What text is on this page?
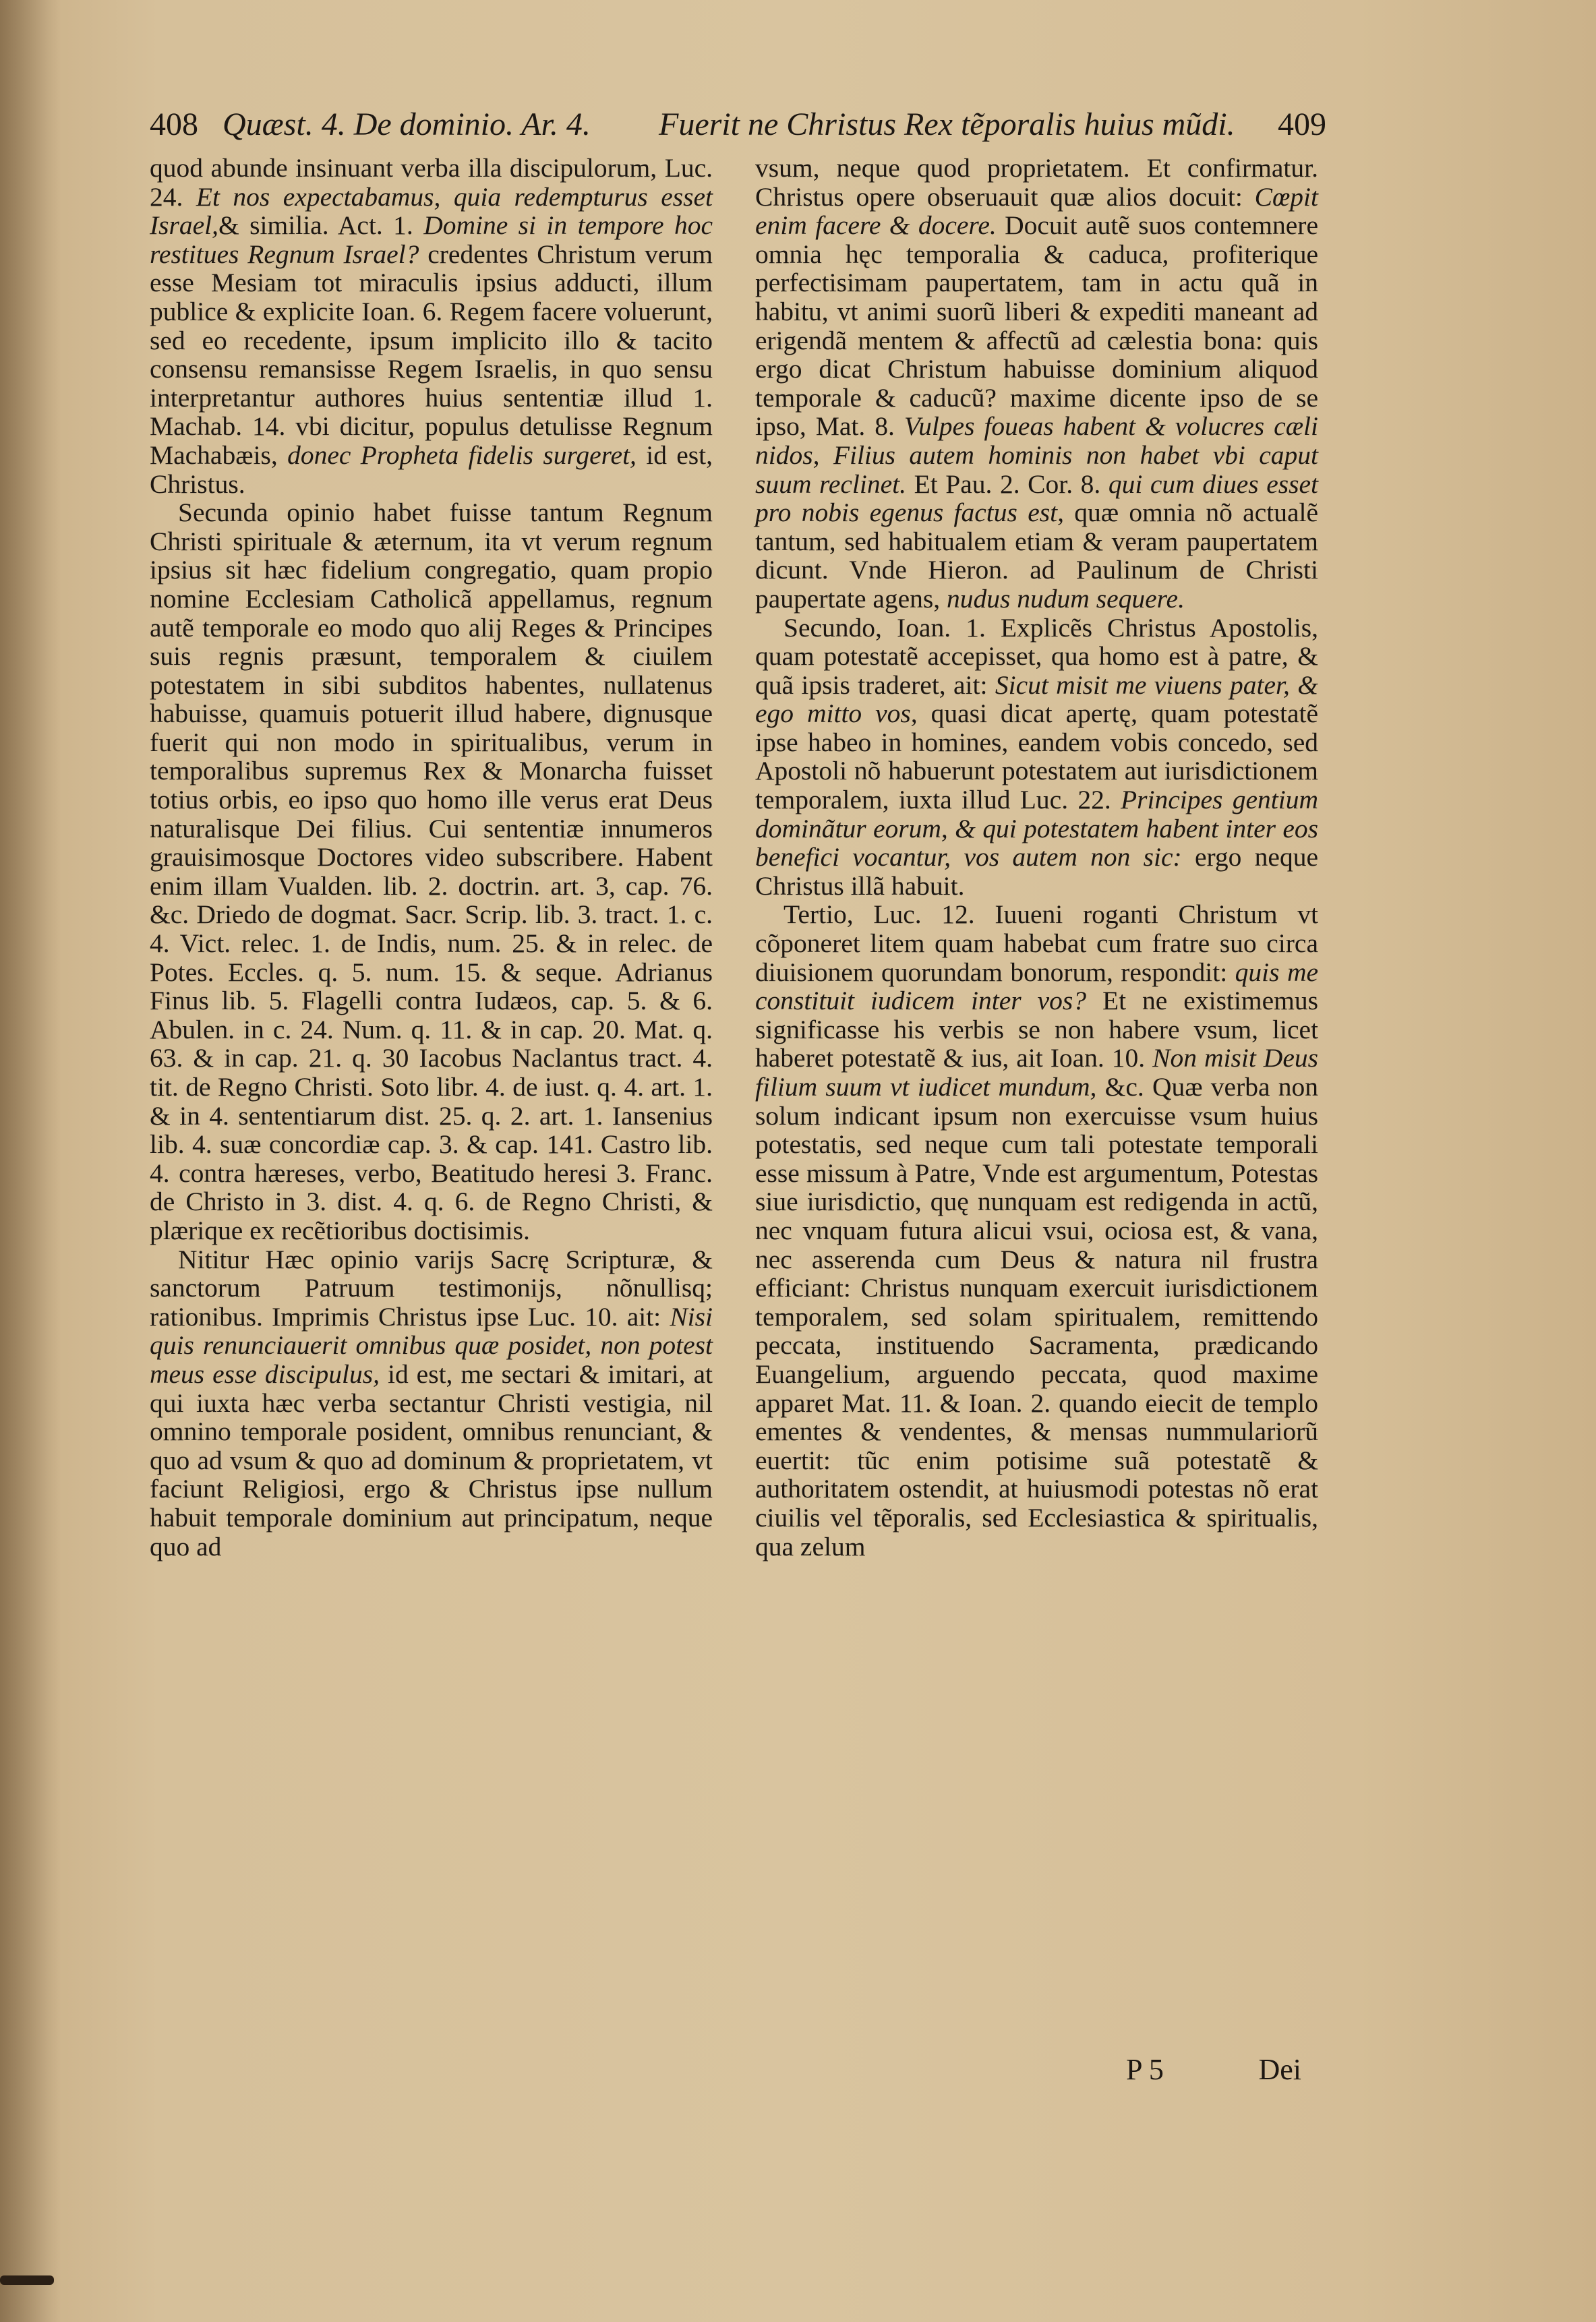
408 Quæst. 4. De dominio. Ar. 4. Fuerit ne Christus Rex tẽporalis huius mũdi. 409

quod abunde insinuant verba illa discipulorum, Luc. 24. Et nos expectabamus, quia redempturus esset Israel,& similia. Act. 1. Domine si in tempore hoc restitues Regnum Israel? credentes Christum verum esse Mesiam tot miraculis ipsius adducti, illum publice & explicite Ioan. 6. Regem facere voluerunt, sed eo recedente, ipsum implicito illo & tacito consensu remansisse Regem Israelis, in quo sensu interpretantur authores huius sententiæ illud 1. Machab. 14. vbi dicitur, populus detulisse Regnum Machabæis, donec Propheta fidelis surgeret, id est, Christus.

Secunda opinio habet fuisse tantum Regnum Christi spirituale & æternum, ita vt verum regnum ipsius sit hæc fidelium congregatio, quam propio nomine Ecclesiam Catholicã appellamus, regnum autẽ temporale eo modo quo alij Reges & Principes suis regnis præsunt, temporalem & ciuilem potestatem in sibi subditos habentes, nullatenus habuisse, quamuis potuerit illud habere, dignusque fuerit qui non modo in spiritualibus, verum in temporalibus supremus Rex & Monarcha fuisset totius orbis, eo ipso quo homo ille verus erat Deus naturalisque Dei filius. Cui sententiæ innumeros grauisimosque Doctores video subscribere. Habent enim illam Vualden. lib. 2. doctrin. art. 3, cap. 76. &c. Driedo de dogmat. Sacr. Scrip. lib. 3. tract. 1. c. 4. Vict. relec. 1. de Indis, num. 25. & in relec. de Potes. Eccles. q. 5. num. 15. & seque. Adrianus Finus lib. 5. Flagelli contra Iudæos, cap. 5. & 6. Abulen. in c. 24. Num. q. 11. & in cap. 20. Mat. q. 63. & in cap. 21. q. 30 Iacobus Naclantus tract. 4. tit. de Regno Christi. Soto libr. 4. de iust. q. 4. art. 1. & in 4. sententiarum dist. 25. q. 2. art. 1. Iansenius lib. 4. suæ concordiæ cap. 3. & cap. 141. Castro lib. 4. contra hæreses, verbo, Beatitudo heresi 3. Franc. de Christo in 3. dist. 4. q. 6. de Regno Christi, & plærique ex recẽtioribus doctisimis.

Nititur Hæc opinio varijs Sacrę Scripturæ, & sanctorum Patruum testimonijs, nõnullisq; rationibus. Imprimis Christus ipse Luc. 10. ait: Nisi quis renunciauerit omnibus quæ posidet, non potest meus esse discipulus, id est, me sectari & imitari, at qui iuxta hæc verba sectantur Christi vestigia, nil omnino temporale posident, omnibus renunciant, & quo ad vsum & quo ad dominum & proprietatem, vt faciunt Religiosi, ergo & Christus ipse nullum habuit temporale dominium aut principatum, neque quo ad

vsum, neque quod proprietatem. Et confirmatur. Christus opere obseruauit quæ alios docuit: Cœpit enim facere & docere. Docuit autẽ suos contemnere omnia hęc temporalia & caduca, profiterique perfectisimam paupertatem, tam in actu quã in habitu, vt animi suorũ liberi & expediti maneant ad erigendã mentem & affectũ ad cælestia bona: quis ergo dicat Christum habuisse dominium aliquod temporale & caducũ? maxime dicente ipso de se ipso, Mat. 8. Vulpes foueas habent & volucres cæli nidos, Filius autem hominis non habet vbi caput suum reclinet. Et Pau. 2. Cor. 8. qui cum diues esset pro nobis egenus factus est, quæ omnia nõ actualẽ tantum, sed habitualem etiam & veram paupertatem dicunt. Vnde Hieron. ad Paulinum de Christi paupertate agens, nudus nudum sequere.

Secundo, Ioan. 1. Explicẽs Christus Apostolis, quam potestatẽ accepisset, qua homo est à patre, & quã ipsis traderet, ait: Sicut misit me viuens pater, & ego mitto vos, quasi dicat apertę, quam potestatẽ ipse habeo in homines, eandem vobis concedo, sed Apostoli nõ habuerunt potestatem aut iurisdictionem temporalem, iuxta illud Luc. 22. Principes gentium dominãtur eorum, & qui potestatem habent inter eos benefici vocantur, vos autem non sic: ergo neque Christus illã habuit.

Tertio, Luc. 12. Iuueni roganti Christum vt cõponeret litem quam habebat cum fratre suo circa diuisionem quorundam bonorum, respondit: quis me constituit iudicem inter vos? Et ne existimemus significasse his verbis se non habere vsum, licet haberet potestatẽ & ius, ait Ioan. 10. Non misit Deus filium suum vt iudicet mundum, &c. Quæ verba non solum indicant ipsum non exercuisse vsum huius potestatis, sed neque cum tali potestate temporali esse missum à Patre, Vnde est argumentum, Potestas siue iurisdictio, quę nunquam est redigenda in actũ, nec vnquam futura alicui vsui, ociosa est, & vana, nec asserenda cum Deus & natura nil frustra efficiant: Christus nunquam exercuit iurisdictionem temporalem, sed solam spiritualem, remittendo peccata, instituendo Sacramenta, prædicando Euangelium, arguendo peccata, quod maxime apparet Mat. 11. & Ioan. 2. quando eiecit de templo ementes & vendentes, & mensas nummulariorũ euertit: tũc enim potisime suã potestatẽ & authoritatem ostendit, at huiusmodi potestas nõ erat ciuilis vel tẽporalis, sed Ecclesiastica & spiritualis, qua zelum

P 5	Dei
